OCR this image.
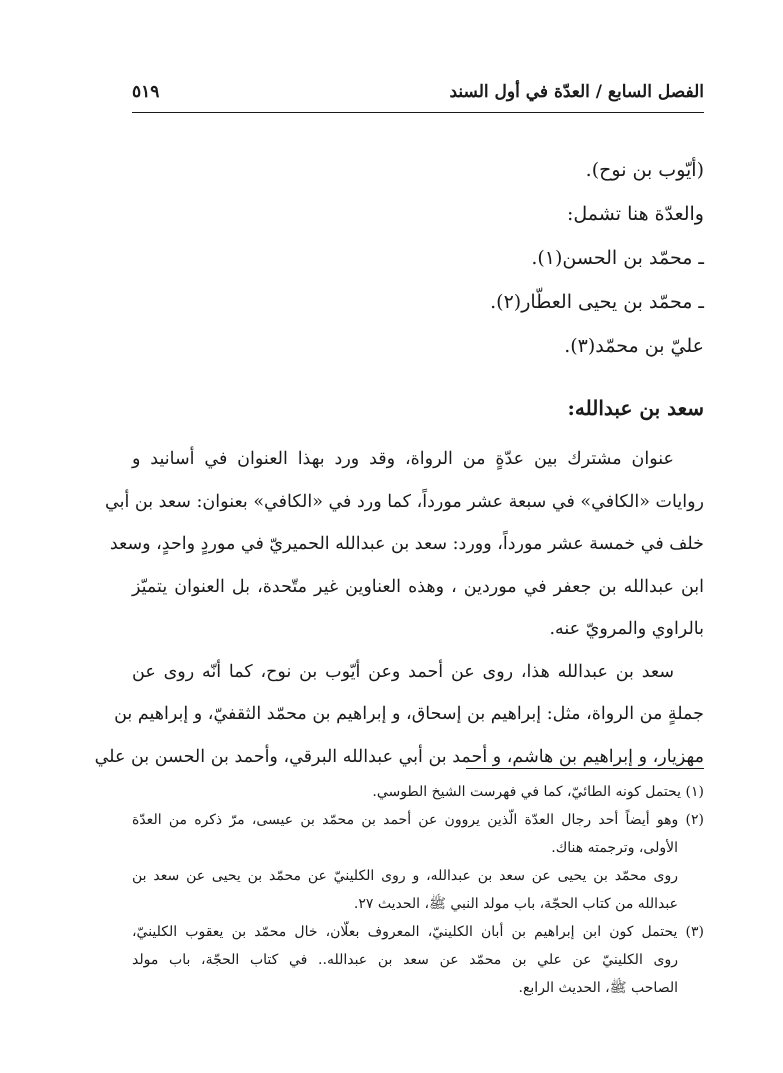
الفصل السابع / العدّة في أول السند
٥١٩
(أيّوب بن نوح).
والعدّة هنا تشمل:
ـ محمّد بن الحسن(١).
ـ محمّد بن يحيى العطّار(٢).
عليّ بن محمّد(٣).
سعد بن عبدالله:
عنوان مشترك بين عدّةٍ من الرواة، وقد ورد بهذا العنوان في أسانيد و
روايات «الكافي» في سبعة عشر مورداً، كما ورد في «الكافي» بعنوان: سعد بن أبي
خلف في خمسة عشر مورداً، وورد: سعد بن عبدالله الحميريّ في موردٍ واحدٍ، وسعد
ابن عبدالله بن جعفر في موردين ، وهذه العناوين غير متّحدة، بل العنوان يتميّز
بالراوي والمرويّ عنه.
سعد بن عبدالله هذا، روى عن أحمد وعن أيّوب بن نوح، كما أنّه روى عن
جملةٍ من الرواة، مثل: إبراهيم بن إسحاق، و إبراهيم بن محمّد الثقفيّ، و إبراهيم بن
مهزيار، و إبراهيم بن هاشم، و أحمد بن أبي عبدالله البرقي، وأحمد بن الحسن بن علي
(١) يحتمل كونه الطائيّ، كما في فهرست الشيخ الطوسي.
(٢) وهو أيضاً أحد رجال العدّة الّذين يروون عن أحمد بن محمّد بن عيسى، مرّ ذكره من العدّة
الأولى، وترجمته هناك.
روى محمّد بن يحيى عن سعد بن عبدالله، و روى الكلينيّ عن محمّد بن يحيى عن سعد بن
عبدالله من كتاب الحجّة، باب مولد النبي ﷺ، الحديث ٢٧.
(٣) يحتمل كون ابن إبراهيم بن أبان الكلينيّ، المعروف بعلّان، خال محمّد بن يعقوب الكلينيّ،
روى الكلينيّ عن علي بن محمّد عن سعد بن عبدالله.. في كتاب الحجّة، باب مولد
الصاحب ﷺ، الحديث الرابع.
